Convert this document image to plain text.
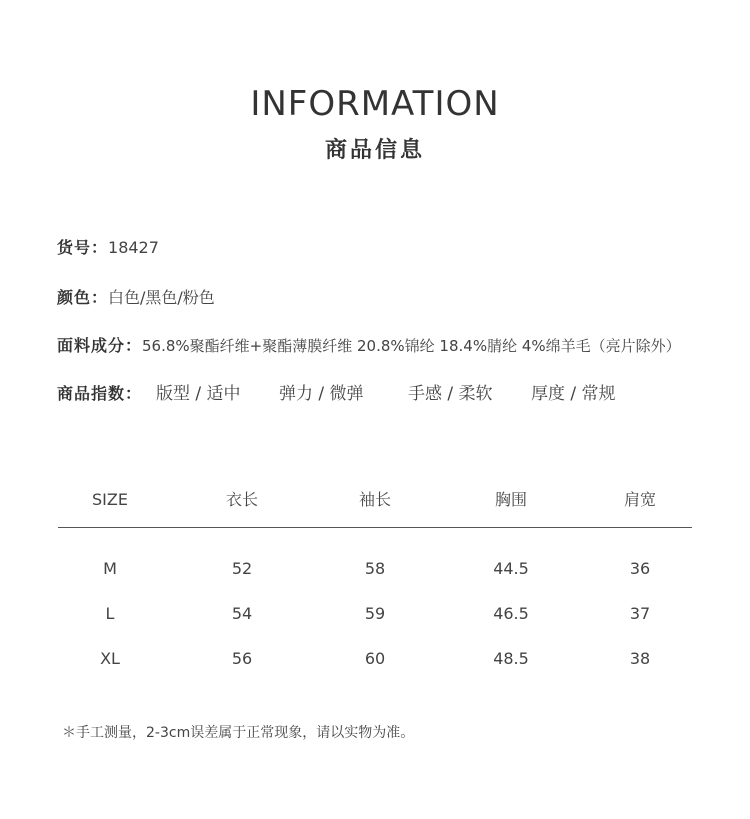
INFORMATION
商品信息
货号：18427
颜色：白色/黑色/粉色
面料成分：56.8%聚酯纤维+聚酯薄膜纤维 20.8%锦纶 18.4%腈纶 4%绵羊毛（亮片除外）
商品指数： 版型 / 适中 弹力 / 微弹	手感 / 柔软 厚度 / 常规
SIZE	衣长	袖长	胸围	肩宽
M	52	58	44.5	36
L	54	59	46.5	37
XL	56	60	48.5	38
＊手工测量，2-3cm误差属于正常现象，请以实物为准。
